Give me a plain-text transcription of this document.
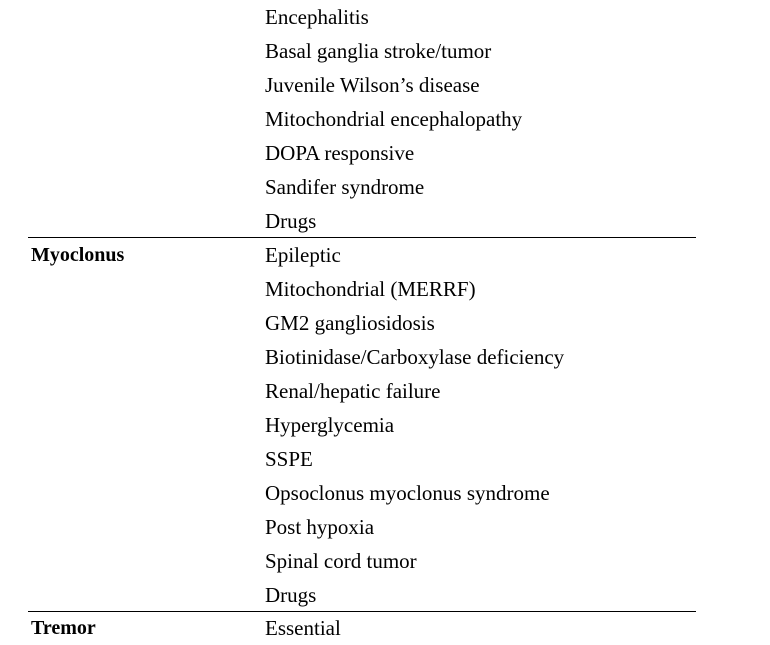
Encephalitis
Basal ganglia stroke/tumor
Juvenile Wilson’s disease
Mitochondrial encephalopathy
DOPA responsive
Sandifer syndrome
Drugs
Myoclonus	Epileptic
Mitochondrial (MERRF)
GM2 gangliosidosis
Biotinidase/Carboxylase deficiency
Renal/hepatic failure
Hyperglycemia
SSPE
Opsoclonus myoclonus syndrome
Post hypoxia
Spinal cord tumor
Drugs
Tremor	Essential
